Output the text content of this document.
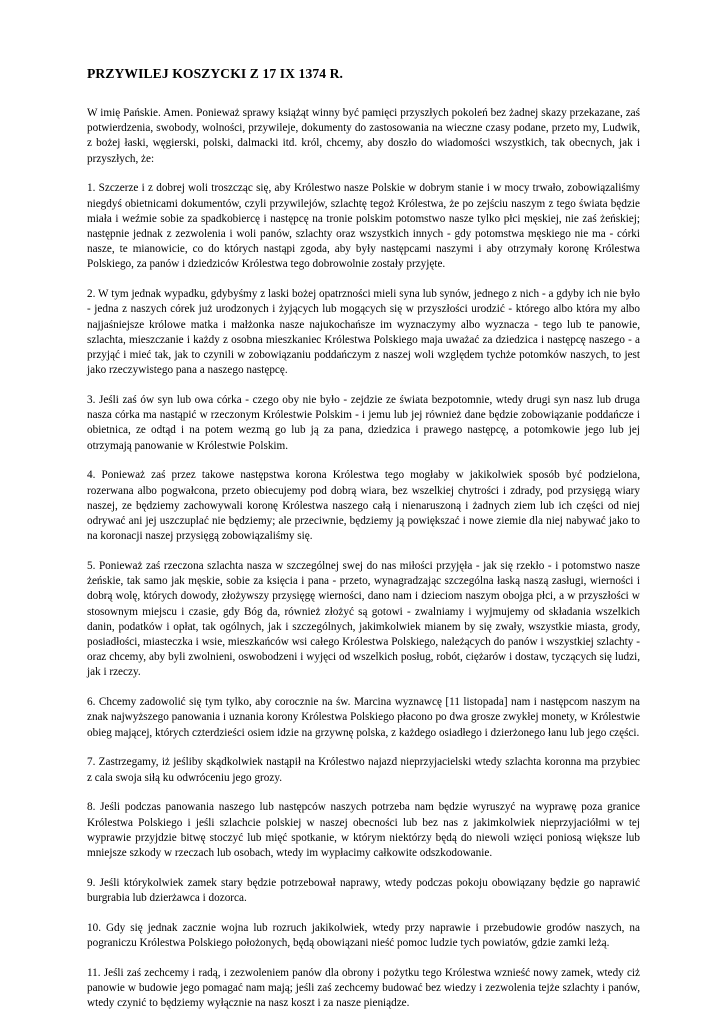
PRZYWILEJ KOSZYCKI Z 17 IX 1374 R.

W imię Pańskie. Amen. Ponieważ sprawy książąt winny być pamięci przyszłych pokoleń bez żadnej skazy przekazane, zaś potwierdzenia, swobody, wolności, przywileje, dokumenty do zastosowania na wieczne czasy podane, przeto my, Ludwik, z bożej łaski, węgierski, polski, dalmacki itd. król, chcemy, aby doszło do wiadomości wszystkich, tak obecnych, jak i przyszłych, że:

1. Szczerze i z dobrej woli troszcząc się, aby Królestwo nasze Polskie w dobrym stanie i w mocy trwało, zobowiązaliśmy niegdyś obietnicami dokumentów, czyli przywilejów, szlachtę tegoż Królestwa, że po zejściu naszym z tego świata będzie miała i weźmie sobie za spadkobiercę i następcę na tronie polskim potomstwo nasze tylko płci męskiej, nie zaś żeńskiej; następnie jednak z zezwolenia i woli panów, szlachty oraz wszystkich innych - gdy potomstwa męskiego nie ma - córki nasze, te mianowicie, co do których nastąpi zgoda, aby były następcami naszymi i aby otrzymały koronę Królestwa Polskiego, za panów i dziedziców Królestwa tego dobrowolnie zostały przyjęte.

2. W tym jednak wypadku, gdybyśmy z laski bożej opatrzności mieli syna lub synów, jednego z nich - a gdyby ich nie było - jedna z naszych córek już urodzonych i żyjących lub mogących się w przyszłości urodzić - którego albo która my albo najjaśniejsze królowe matka i małżonka nasze najukochańsze im wyznaczymy albo wyznacza - tego lub te panowie, szlachta, mieszczanie i każdy z osobna mieszkaniec Królestwa Polskiego maja uważać za dziedzica i następcę naszego - a przyjąć i mieć tak, jak to czynili w zobowiązaniu poddańczym z naszej woli względem tychże potomków naszych, to jest jako rzeczywistego pana a naszego następcę.

3. Jeśli zaś ów syn lub owa córka - czego oby nie było - zejdzie ze świata bezpotomnie, wtedy drugi syn nasz lub druga nasza córka ma nastąpić w rzeczonym Królestwie Polskim - i jemu lub jej również dane będzie zobowiązanie poddańcze i obietnica, ze odtąd i na potem wezmą go lub ją za pana, dziedzica i prawego następcę, a potomkowie jego lub jej otrzymają panowanie w Królestwie Polskim.

4. Ponieważ zaś przez takowe następstwa korona Królestwa tego mogłaby w jakikolwiek sposób być podzielona, rozerwana albo pogwałcona, przeto obiecujemy pod dobrą wiara, bez wszelkiej chytrości i zdrady, pod przysięgą wiary naszej, ze będziemy zachowywali koronę Królestwa naszego całą i nienaruszoną i żadnych ziem lub ich części od niej odrywać ani jej uszczuplać nie będziemy; ale przeciwnie, będziemy ją powiększać i nowe ziemie dla niej nabywać jako to na koronacji naszej przysięgą zobowiązaliśmy się.

5. Ponieważ zaś rzeczona szlachta nasza w szczególnej swej do nas miłości przyjęła - jak się rzekło - i potomstwo nasze żeńskie, tak samo jak męskie, sobie za księcia i pana - przeto, wynagradzając szczególna łaską naszą zasługi, wierności i dobrą wolę, których dowody, złożywszy przysięgę wierności, dano nam i dzieciom naszym obojga płci, a w przyszłości w stosownym miejscu i czasie, gdy Bóg da, również złożyć są gotowi - zwalniamy i wyjmujemy od składania wszelkich danin, podatków i opłat, tak ogólnych, jak i szczególnych, jakimkolwiek mianem by się zwały, wszystkie miasta, grody, posiadłości, miasteczka i wsie, mieszkańców wsi całego Królestwa Polskiego, należących do panów i wszystkiej szlachty - oraz chcemy, aby byli zwolnieni, oswobodzeni i wyjęci od wszelkich posług, robót, ciężarów i dostaw, tyczących się ludzi, jak i rzeczy.

6. Chcemy zadowolić się tym tylko, aby corocznie na św. Marcina wyznawcę [11 listopada] nam i następcom naszym na znak najwyższego panowania i uznania korony Królestwa Polskiego płacono po dwa grosze zwykłej monety, w Królestwie obieg mającej, których czterdzieści osiem idzie na grzywnę polska, z każdego osiadłego i dzierżonego łanu lub jego części.

7. Zastrzegamy, iż jeśliby skądkolwiek nastąpił na Królestwo najazd nieprzyjacielski wtedy szlachta koronna ma przybiec z cala swoja siłą ku odwróceniu jego grozy.

8. Jeśli podczas panowania naszego lub następców naszych potrzeba nam będzie wyruszyć na wyprawę poza granice Królestwa Polskiego i jeśli szlachcie polskiej w naszej obecności lub bez nas z jakimkolwiek nieprzyjaciółmi w tej wyprawie przyjdzie bitwę stoczyć lub mięć spotkanie, w którym niektórzy będą do niewoli wzięci poniosą większe lub mniejsze szkody w rzeczach lub osobach, wtedy im wypłacimy całkowite odszkodowanie.

9. Jeśli którykolwiek zamek stary będzie potrzebował naprawy, wtedy podczas pokoju obowiązany będzie go naprawić burgrabia lub dzierżawca i dozorca.

10. Gdy się jednak zacznie wojna lub rozruch jakikolwiek, wtedy przy naprawie i przebudowie grodów naszych, na pograniczu Królestwa Polskiego położonych, będą obowiązani nieść pomoc ludzie tych powiatów, gdzie zamki leżą.

11. Jeśli zaś zechcemy i radą, i zezwoleniem panów dla obrony i pożytku tego Królestwa wznieść nowy zamek, wtedy ciż panowie w budowie jego pomagać nam mają; jeśli zaś zechcemy budować bez wiedzy i zezwolenia tejże szlachty i panów, wtedy czynić to będziemy wyłącznie na nasz koszt i za nasze pieniądze.
